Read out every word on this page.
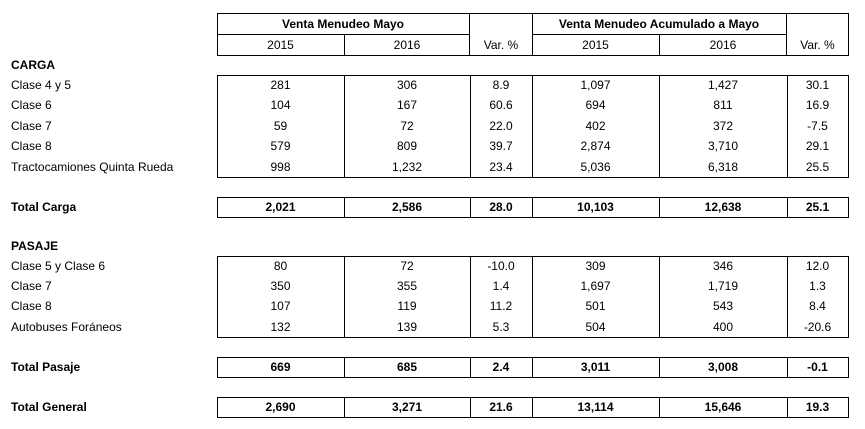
Venta Menudeo Mayo	Venta Menudeo Acumulado a Mayo
2015	2016	Var. %	2015	2016	Var. %
CARGA
Clase 4 y 5	281	306	8.9	1,097	1,427	30.1
Clase 6	104	167	60.6	694	811	16.9
Clase 7	59	72	22.0	402	372	-7.5
Clase 8	579	809	39.7	2,874	3,710	29.1
Tractocamiones Quinta Rueda	998	1,232	23.4	5,036	6,318	25.5
Total Carga	2,021	2,586	28.0	10,103	12,638	25.1
PASAJE
Clase 5 y Clase 6	80	72	-10.0	309	346	12.0
Clase 7	350	355	1.4	1,697	1,719	1.3
Clase 8	107	119	11.2	501	543	8.4
Autobuses Foráneos	132	139	5.3	504	400	-20.6
Total Pasaje	669	685	2.4	3,011	3,008	-0.1
Total General	2,690	3,271	21.6	13,114	15,646	19.3
